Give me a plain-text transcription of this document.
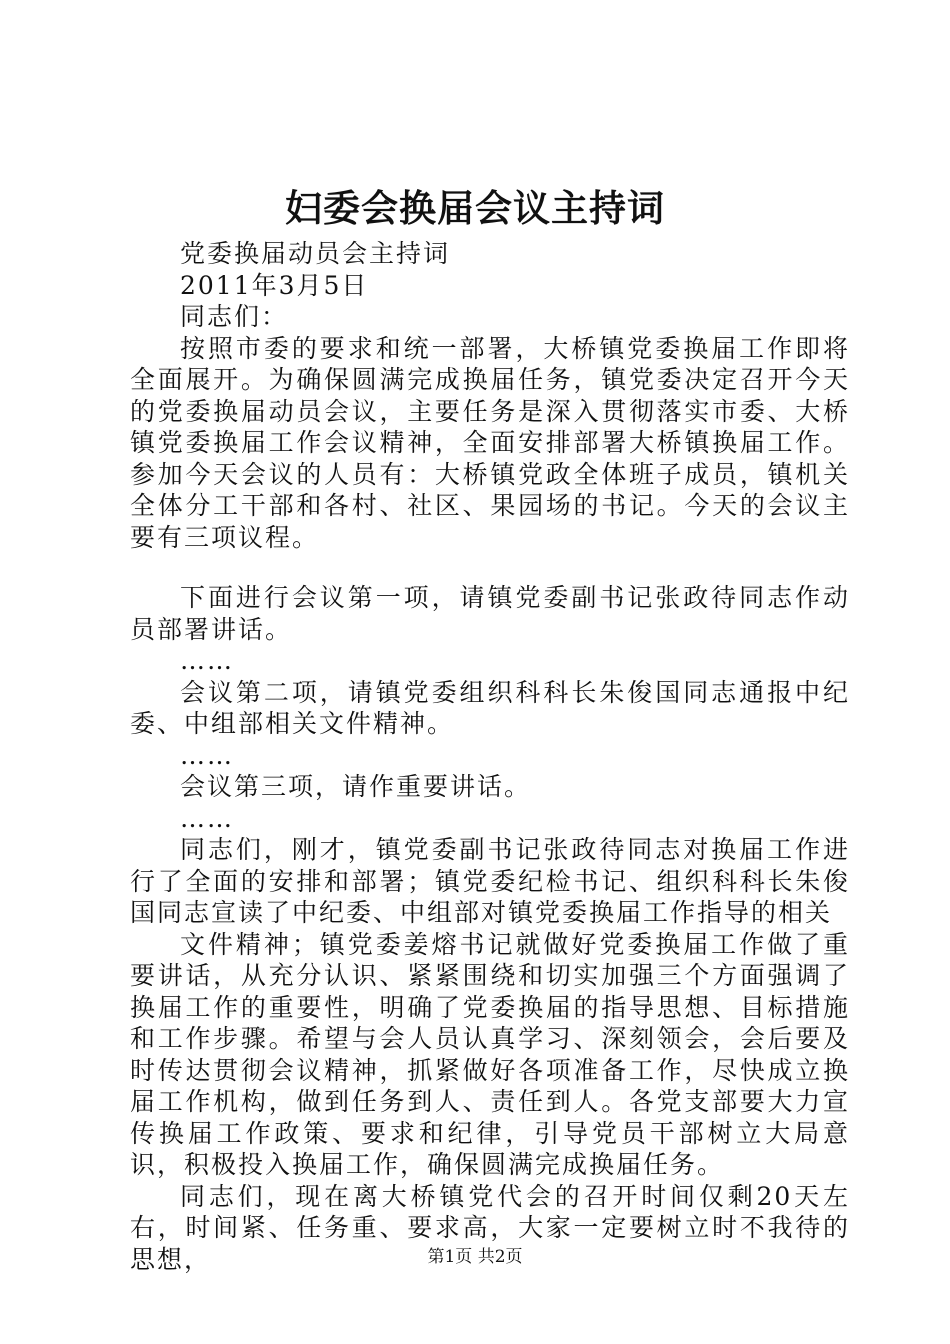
妇委会换届会议主持词

党委换届动员会主持词

2011年3月5日

同志们：

按照市委的要求和统一部署，大桥镇党委换届工作即将全面展开。为确保圆满完成换届任务，镇党委决定召开今天的党委换届动员会议，主要任务是深入贯彻落实市委、大桥镇党委换届工作会议精神，全面安排部署大桥镇换届工作。参加今天会议的人员有：大桥镇党政全体班子成员，镇机关全体分工干部和各村、社区、果园场的书记。今天的会议主要有三项议程。

下面进行会议第一项，请镇党委副书记张政待同志作动员部署讲话。

……

会议第二项，请镇党委组织科科长朱俊国同志通报中纪委、中组部相关文件精神。

……

会议第三项，请作重要讲话。

……

同志们，刚才，镇党委副书记张政待同志对换届工作进行了全面的安排和部署；镇党委纪检书记、组织科科长朱俊国同志宣读了中纪委、中组部对镇党委换届工作指导的相关

文件精神；镇党委姜熔书记就做好党委换届工作做了重要讲话，从充分认识、紧紧围绕和切实加强三个方面强调了换届工作的重要性，明确了党委换届的指导思想、目标措施和工作步骤。希望与会人员认真学习、深刻领会，会后要及时传达贯彻会议精神，抓紧做好各项准备工作，尽快成立换届工作机构，做到任务到人、责任到人。各党支部要大力宣传换届工作政策、要求和纪律，引导党员干部树立大局意识，积极投入换届工作，确保圆满完成换届任务。

同志们，现在离大桥镇党代会的召开时间仅剩20天左右，时间紧、任务重、要求高，大家一定要树立时不我待的思想，	第1页 共2页
